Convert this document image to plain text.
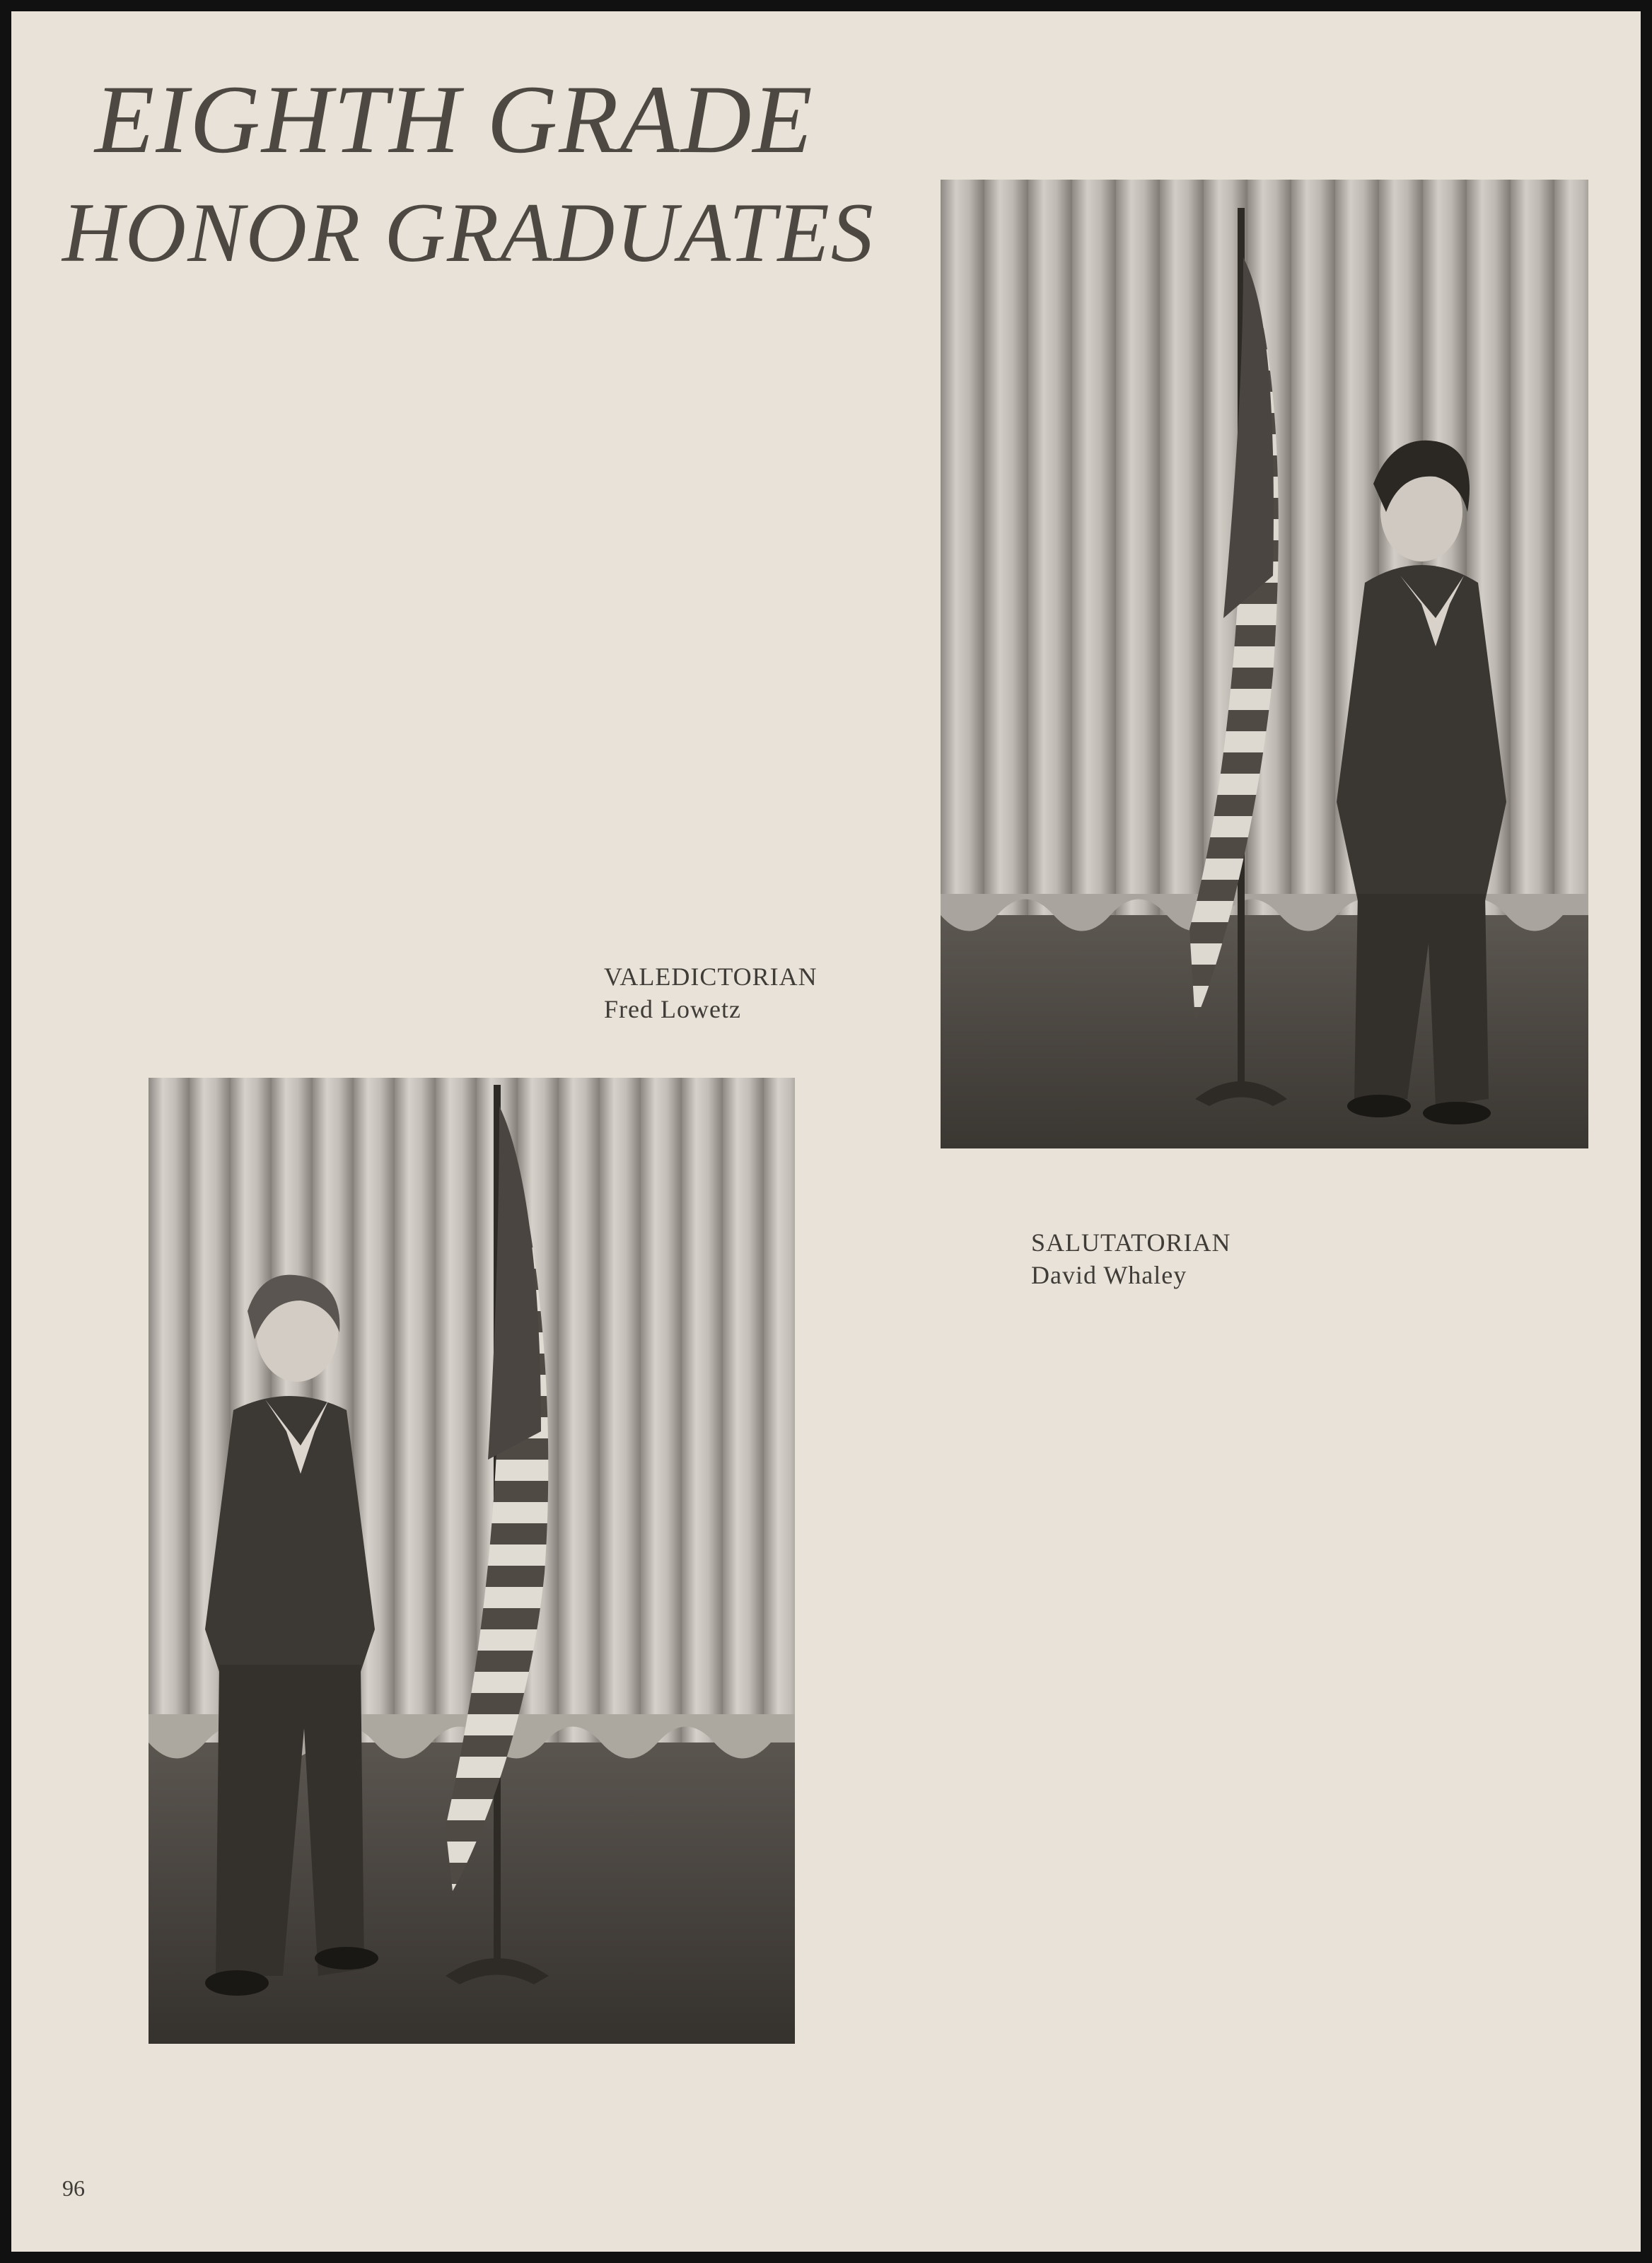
EIGHTH GRADE
HONOR GRADUATES
VALEDICTORIAN
Fred Lowetz
SALUTATORIAN
David Whaley
96
